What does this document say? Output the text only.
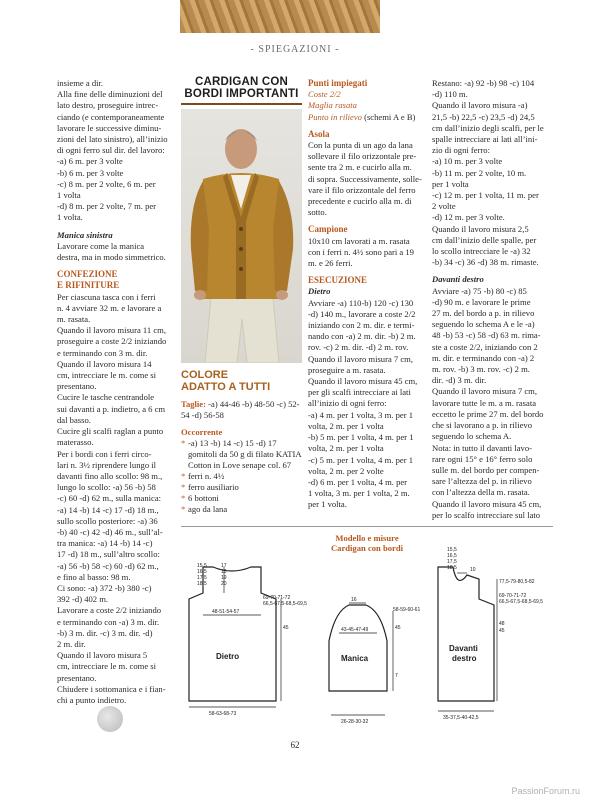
- SPIEGAZIONI -

insieme a dir.

Alla fine delle diminuzioni del

lato destro, proseguire intrec-

ciando (e contemporaneamente

lavorare le successive diminu-

zioni del lato sinistro), all’inizio

di ogni ferro sul dir. del lavoro:

-a) 6 m. per 3 volte

-b) 6 m. per 3 volte

-c) 8 m. per 2 volte, 6 m. per

1 volta

-d) 8 m. per 2 volte, 7 m. per

1 volta.

Manica sinistra

Lavorare come la manica

destra, ma in modo simmetrico.

CONFEZIONE

E RIFINITURE

Per ciascuna tasca con i ferri

n. 4 avviare 32 m. e lavorare a

m. rasata.

Quando il lavoro misura 11 cm,

proseguire a coste 2/2 iniziando

e terminando con 3 m. dir.

Quando il lavoro misura 14

cm, intrecciare le m. come si

presentano.

Cucire le tasche centrandole

sui davanti a p. indietro, a 6 cm

dal basso.

Cucire gli scalfi raglan a punto

materasso.

Per i bordi con i ferri circo-

lari n. 3½ riprendere lungo il

davanti fino allo scollo: 98 m.,

lungo lo scollo: -a) 56 -b) 58

-c) 60 -d) 62 m., sulla manica:

-a) 14 -b) 14 -c) 17 -d) 18 m.,

sullo scollo posteriore: -a) 36

-b) 40 -c) 42 -d) 46 m., sull’al-

tra manica: -a) 14 -b) 14 -c)

17 -d) 18 m., sull’altro scollo:

-a) 56 -b) 58 -c) 60 -d) 62 m.,

e fino al basso: 98 m.

Ci sono: -a) 372 -b) 380 -c)

392 -d) 402 m.

Lavorare a coste 2/2 iniziando

e terminando con -a) 3 m. dir.

-b) 3 m. dir. -c) 3 m. dir. -d)

2 m. dir.

Quando il lavoro misura 5

cm, intrecciare le m. come si

presentano.

Chiudere i sottomanica e i fian-

chi a punto indietro.

CARDIGAN CON
BORDI IMPORTANTI
COLORE
ADATTO A TUTTI
Taglie: -a) 44-46 -b) 48-50 -c) 52-54 -d) 56-58
Occorrente
* -a) 13 -b) 14 -c) 15 -d) 17 gomitoli da 50 g di filato KATIA Cotton in Love senape col. 67
* ferri n. 4½
* ferro ausiliario
* 6 bottoni
* ago da lana

Punti impiegati

Coste 2/2

Maglia rasata

Punto in rilievo (schemi A e B)

Asola

Con la punta di un ago da lana

sollevare il filo orizzontale pre-

sente tra 2 m. e cucirlo alla m.

di sopra. Successivamente, solle-

vare il filo orizzontale del ferro

precedente e cucirlo alla m. di

sotto.

Campione

10x10 cm lavorati a m. rasata

con i ferri n. 4½ sono pari a 19

m. e 26 ferri.

ESECUZIONE

Dietro

Avviare -a) 110-b) 120 -c) 130

-d) 140 m., lavorare a coste 2/2

iniziando con 2 m. dir. e termi-

nando con -a) 2 m. dir. -b) 2 m.

rov. -c) 2 m. dir. -d) 2 m. rov.

Quando il lavoro misura 7 cm,

proseguire a m. rasata.

Quando il lavoro misura 45 cm,

per gli scalfi intrecciare ai lati

all’inizio di ogni ferro:

-a) 4 m. per 1 volta, 3 m. per 1

volta, 2 m. per 1 volta

-b) 5 m. per 1 volta, 4 m. per 1

volta, 2 m. per 1 volta

-c) 5 m. per 1 volta, 4 m. per 1

volta, 2 m. per 2 volte

-d) 6 m. per 1 volta, 4 m. per

1 volta, 3 m. per 1 volta, 2 m.

per 1 volta.

Restano: -a) 92 -b) 98 -c) 104

-d) 110 m.

Quando il lavoro misura -a)

21,5 -b) 22,5 -c) 23,5 -d) 24,5

cm dall’inizio degli scalfi, per le

spalle intrecciare ai lati all’ini-

zio di ogni ferro:

-a) 10 m. per 3 volte

-b) 11 m. per 2 volte, 10 m.

per 1 volta

-c) 12 m. per 1 volta, 11 m. per

2 volte

-d) 12 m. per 3 volte.

Quando il lavoro misura 2,5

cm dall’inizio delle spalle, per

lo scollo intrecciare le -a) 32

-b) 34 -c) 36 -d) 38 m. rimaste.

Davanti destro

Avviare -a) 75 -b) 80 -c) 85

-d) 90 m. e lavorare le prime

27 m. del bordo a p. in rilievo

seguendo lo schema A e le -a)

48 -b) 53 -c) 58 -d) 63 m. rima-

ste a coste 2/2, iniziando con 2

m. dir. e terminando con -a) 2

m. rov. -b) 3 m. rov. -c) 2 m.

dir. -d) 3 m. dir.

Quando il lavoro misura 7 cm,

lavorare tutte le m. a m. rasata

eccetto le prime 27 m. del bordo

che si lavorano a p. in rilievo

seguendo lo schema A.

Nota: in tutto il davanti lavo-

rare ogni 15° e 16° ferro solo

sulle m. del bordo per compen-

sare l’altezza del p. in rilievo

con l’altezza della m. rasata.

Quando il lavoro misura 45 cm,

per lo scalfo intrecciare sul lato

Modello e misure
Cardigan con bordi
15,5
16,5
17,5
18,5
17
18
19
20
69-70-71-72
66,5-67,5-68,5-69,5
48-51-54-57
45
Dietro
58-63-68-73
16
58-59-60-61
43-45-47-49	45
7
Manica
26-28-30-32
15,5
16,5
17,5
18,5	10
77,5-79-80,5-82
69-70-71-72
66,5-67,5-68,5-69,5
48
45
Davanti
destro
35-37,5-40-42,5
62
PassionForum.ru
